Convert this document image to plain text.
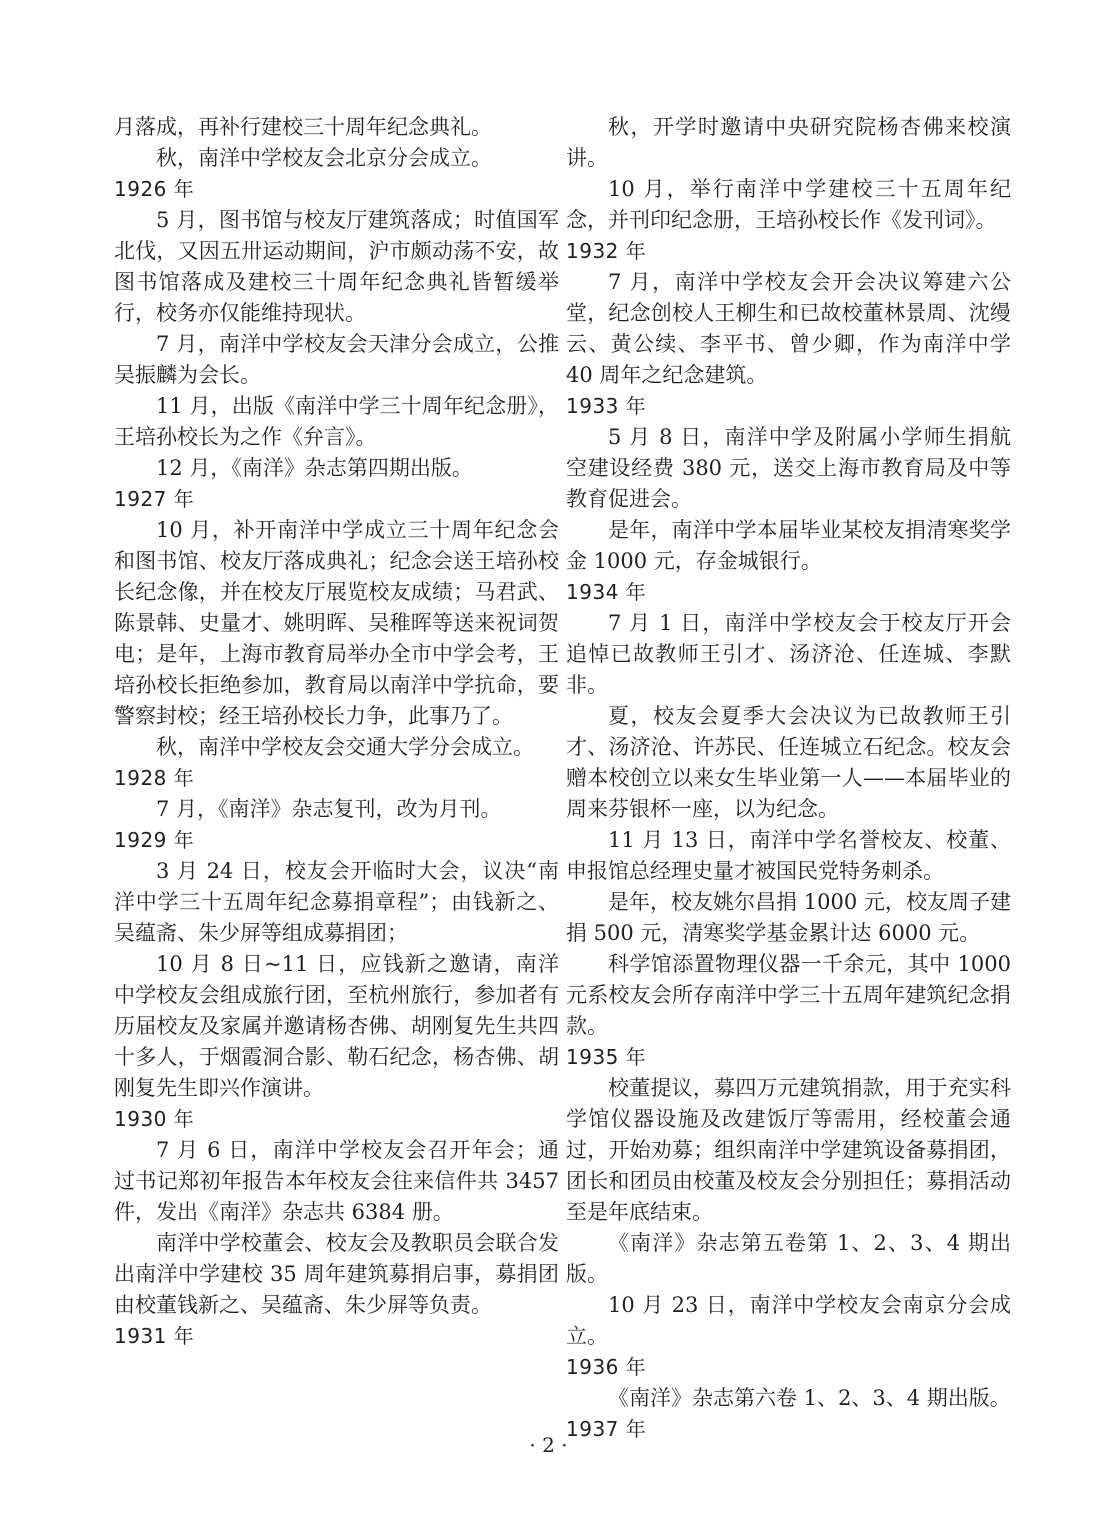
月落成，再补行建校三十周年纪念典礼。

秋，南洋中学校友会北京分会成立。

1926 年

5 月，图书馆与校友厅建筑落成；时值国军北伐，又因五卅运动期间，沪市颇动荡不安，故图书馆落成及建校三十周年纪念典礼皆暂缓举行，校务亦仅能维持现状。

7 月，南洋中学校友会天津分会成立，公推吴振麟为会长。

11 月，出版《南洋中学三十周年纪念册》，王培孙校长为之作《弁言》。

12 月，《南洋》杂志第四期出版。

1927 年

10 月，补开南洋中学成立三十周年纪念会和图书馆、校友厅落成典礼；纪念会送王培孙校长纪念像，并在校友厅展览校友成绩；马君武、陈景韩、史量才、姚明晖、吴稚晖等送来祝词贺电；是年，上海市教育局举办全市中学会考，王培孙校长拒绝参加，教育局以南洋中学抗命，要警察封校；经王培孙校长力争，此事乃了。

秋，南洋中学校友会交通大学分会成立。

1928 年

7 月，《南洋》杂志复刊，改为月刊。

1929 年

3 月 24 日，校友会开临时大会，议决“南洋中学三十五周年纪念募捐章程”；由钱新之、吴蕴斋、朱少屏等组成募捐团；

10 月 8 日~11 日，应钱新之邀请，南洋中学校友会组成旅行团，至杭州旅行，参加者有历届校友及家属并邀请杨杏佛、胡刚复先生共四十多人，于烟霞洞合影、勒石纪念，杨杏佛、胡刚复先生即兴作演讲。

1930 年

7 月 6 日，南洋中学校友会召开年会；通过书记郑初年报告本年校友会往来信件共 3457 件，发出《南洋》杂志共 6384 册。

南洋中学校董会、校友会及教职员会联合发出南洋中学建校 35 周年建筑募捐启事，募捐团由校董钱新之、吴蕴斋、朱少屏等负责。

1931 年

秋，开学时邀请中央研究院杨杏佛来校演讲。

10 月，举行南洋中学建校三十五周年纪念，并刊印纪念册，王培孙校长作《发刊词》。

1932 年

7 月，南洋中学校友会开会决议筹建六公堂，纪念创校人王柳生和已故校董林景周、沈缦云、黄公续、李平书、曾少卿，作为南洋中学 40 周年之纪念建筑。

1933 年

5 月 8 日，南洋中学及附属小学师生捐航空建设经费 380 元，送交上海市教育局及中等教育促进会。

是年，南洋中学本届毕业某校友捐清寒奖学金 1000 元，存金城银行。

1934 年

7 月 1 日，南洋中学校友会于校友厅开会追悼已故教师王引才、汤济沧、任连城、李默非。

夏，校友会夏季大会决议为已故教师王引才、汤济沧、许苏民、任连城立石纪念。校友会赠本校创立以来女生毕业第一人——本届毕业的周来芬银杯一座，以为纪念。

11 月 13 日，南洋中学名誉校友、校董、申报馆总经理史量才被国民党特务刺杀。

是年，校友姚尔昌捐 1000 元，校友周子建捐 500 元，清寒奖学基金累计达 6000 元。

科学馆添置物理仪器一千余元，其中 1000 元系校友会所存南洋中学三十五周年建筑纪念捐款。

1935 年

校董提议，募四万元建筑捐款，用于充实科学馆仪器设施及改建饭厅等需用，经校董会通过，开始劝募；组织南洋中学建筑设备募捐团，团长和团员由校董及校友会分别担任；募捐活动至是年底结束。

《南洋》杂志第五卷第 1、2、3、4 期出版。

10 月 23 日，南洋中学校友会南京分会成立。

1936 年

《南洋》杂志第六卷 1、2、3、4 期出版。

1937 年
· 2 ·
